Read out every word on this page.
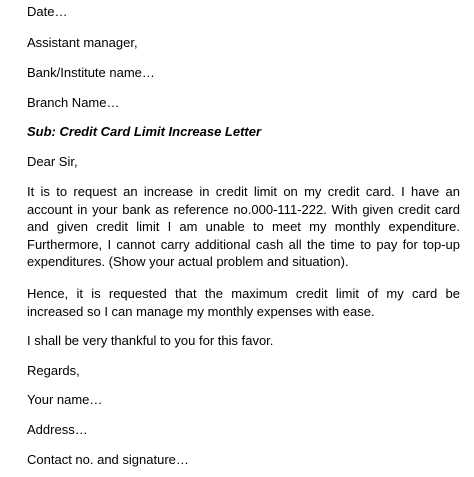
Date…
Assistant manager,
Bank/Institute name…
Branch Name…
Sub: Credit Card Limit Increase Letter
Dear Sir,
It is to request an increase in credit limit on my credit card. I have an account in your bank as reference no.000-111-222. With given credit card and given credit limit I am unable to meet my monthly expenditure. Furthermore, I cannot carry additional cash all the time to pay for top-up expenditures. (Show your actual problem and situation).
Hence, it is requested that the maximum credit limit of my card be increased so I can manage my monthly expenses with ease.
I shall be very thankful to you for this favor.
Regards,
Your name…
Address…
Contact no. and signature…
